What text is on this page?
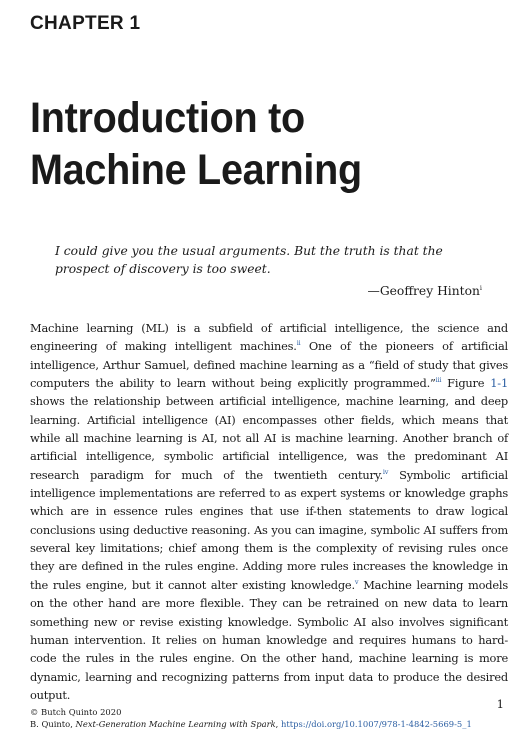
CHAPTER 1
Introduction to Machine Learning
I could give you the usual arguments. But the truth is that the prospect of discovery is too sweet.
—Geoffrey Hinton$^i$

Machine learning (ML) is a subfield of artificial intelligence, the science and engineering of making intelligent machines.$^{ii}$ One of the pioneers of artificial intelligence, Arthur Samuel, defined machine learning as a “field of study that gives computers the ability to learn without being explicitly programmed.”$^{iii}$ Figure 1-1 shows the relationship between artificial intelligence, machine learning, and deep learning. Artificial intelligence (AI) encompasses other fields, which means that while all machine learning is AI, not all AI is machine learning. Another branch of artificial intelligence, symbolic artificial intelligence, was the predominant AI research paradigm for much of the twentieth century.$^{iv}$ Symbolic artificial intelligence implementations are referred to as expert systems or knowledge graphs which are in essence rules engines that use if-then statements to draw logical conclusions using deductive reasoning. As you can imagine, symbolic AI suffers from several key limitations; chief among them is the complexity of revising rules once they are defined in the rules engine. Adding more rules increases the knowledge in the rules engine, but it cannot alter existing knowledge.$^v$ Machine learning models on the other hand are more flexible. They can be retrained on new data to learn something new or revise existing knowledge. Symbolic AI also involves significant human intervention. It relies on human knowledge and requires humans to hard-code the rules in the rules engine. On the other hand, machine learning is more dynamic, learning and recognizing patterns from input data to produce the desired output.

1
© Butch Quinto 2020
B. Quinto, Next-Generation Machine Learning with Spark, https://doi.org/10.1007/978-1-4842-5669-5_1
